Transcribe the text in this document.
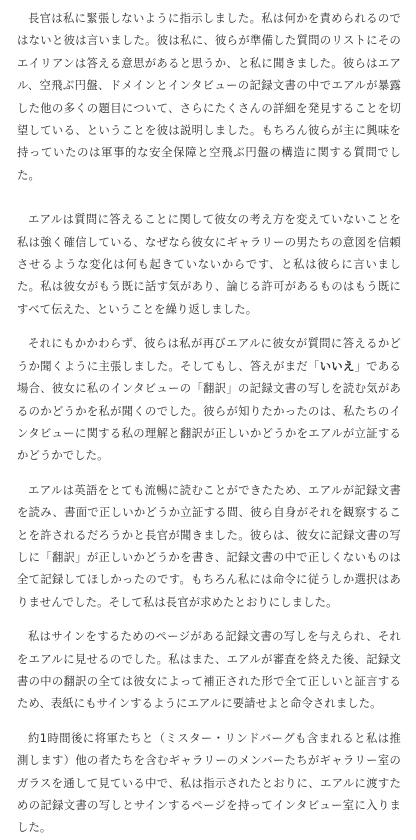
長官は私に緊張しないように指示しました。私は何かを責められるのではないと彼は言いました。彼は私に、彼らが準備した質問のリストにそのエイリアンは答える意思があると思うか、と私に聞きました。彼らはエアル、空飛ぶ円盤、ドメインとインタビューの記録文書の中でエアルが暴露した他の多くの題目について、さらにたくさんの詳細を発見することを切望している、ということを彼は説明しました。もちろん彼らが主に興味を持っていたのは軍事的な安全保障と空飛ぶ円盤の構造に関する質問でした。

エアルは質問に答えることに関して彼女の考え方を変えていないことを私は強く確信している、なぜなら彼女にギャラリーの男たちの意図を信頼させるような変化は何も起きていないからです、と私は彼らに言いました。私は彼女がもう既に話す気があり、論じる許可があるものはもう既にすべて伝えた、ということを繰り返しました。

それにもかかわらず、彼らは私が再びエアルに彼女が質問に答えるかどうか聞くように主張しました。そしてもし、答えがまだ「いいえ」である場合、彼女に私のインタビューの「翻訳」の記録文書の写しを読む気があるのかどうかを私が聞くのでした。彼らが知りたかったのは、私たちのインタビューに関する私の理解と翻訳が正しいかどうかをエアルが立証するかどうかでした。

エアルは英語をとても流暢に読むことができたため、エアルが記録文書を読み、書面で正しいかどうか立証する間、彼ら自身がそれを観察することを許されるだろうかと長官が聞きました。彼らは、彼女に記録文書の写しに「翻訳」が正しいかどうかを書き、記録文書の中で正しくないものは全て記録してほしかったのです。もちろん私には命令に従うしか選択はありませんでした。そして私は長官が求めたとおりにしました。

私はサインをするためのページがある記録文書の写しを与えられ、それをエアルに見せるのでした。私はまた、エアルが審査を終えた後、記録文書の中の翻訳の全ては彼女によって補正された形で全て正しいと証言するため、表紙にもサインするようにエアルに要請せよと命令されました。

約1時間後に将軍たちと（ミスター・リンドバーグも含まれると私は推測します）他の者たちを含むギャラリーのメンバーたちがギャラリー室のガラスを通して見ている中で、私は指示されたとおりに、エアルに渡すための記録文書の写しとサインするページを持ってインタビュー室に入りました。
